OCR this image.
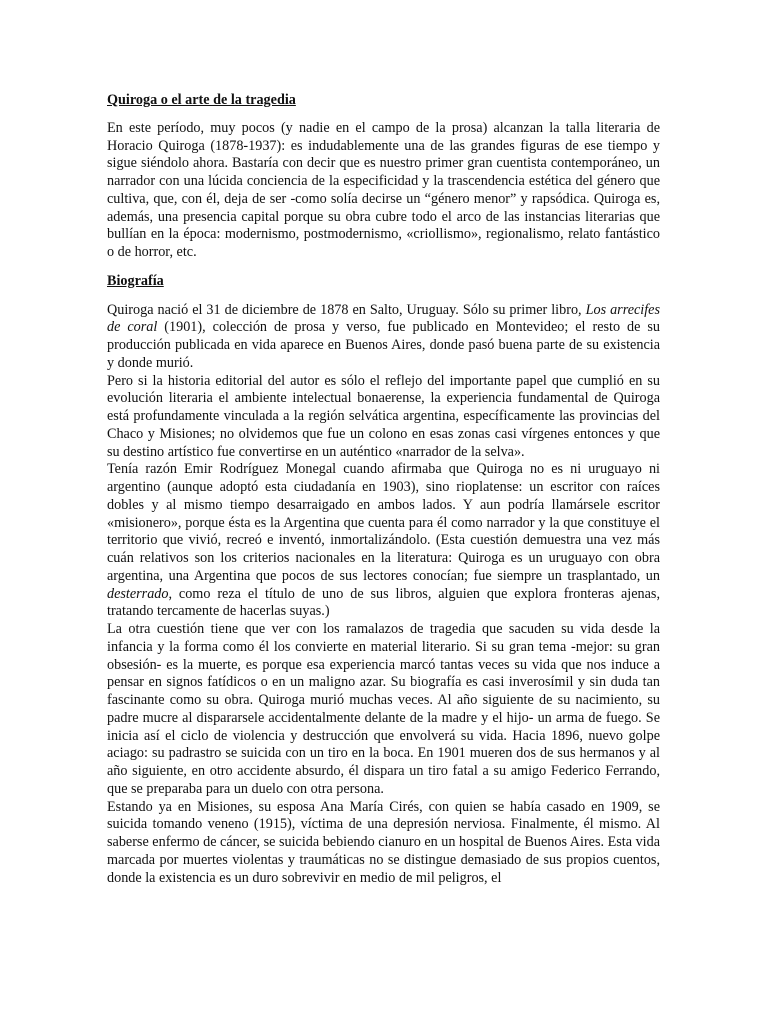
Quiroga o el arte de la tragedia

En este período, muy pocos (y nadie en el campo de la prosa) alcanzan la talla literaria de Horacio Quiroga (1878-1937): es indudablemente una de las grandes figuras de ese tiempo y sigue siéndolo ahora. Bastaría con decir que es nuestro primer gran cuentista contemporáneo, un narrador con una lúcida conciencia de la especificidad y la trascendencia estética del género que cultiva, que, con él, deja de ser -como solía decirse un “género menor” y rapsódica. Quiroga es, además, una presencia capital porque su obra cubre todo el arco de las instancias literarias que bullían en la época: modernismo, postmodernismo, «criollismo», regionalismo, relato fantástico o de horror, etc.

Biografía

Quiroga nació el 31 de diciembre de 1878 en Salto, Uruguay. Sólo su primer libro, Los arrecifes de coral (1901), colección de prosa y verso, fue publicado en Montevideo; el resto de su producción publicada en vida aparece en Buenos Aires, donde pasó buena parte de su existencia y donde murió.

Pero si la historia editorial del autor es sólo el reflejo del importante papel que cumplió en su evolución literaria el ambiente intelectual bonaerense, la experiencia fundamental de Quiroga está profundamente vinculada a la región selvática argentina, específicamente las provincias del Chaco y Misiones; no olvidemos que fue un colono en esas zonas casi vírgenes entonces y que su destino artístico fue convertirse en un auténtico «narrador de la selva».

Tenía razón Emir Rodríguez Monegal cuando afirmaba que Quiroga no es ni uruguayo ni argentino (aunque adoptó esta ciudadanía en 1903), sino rioplatense: un escritor con raíces dobles y al mismo tiempo desarraigado en ambos lados. Y aun podría llamársele escritor «misionero», porque ésta es la Argentina que cuenta para él como narrador y la que constituye el territorio que vivió, recreó e inventó, inmortalizándolo. (Esta cuestión demuestra una vez más cuán relativos son los criterios nacionales en la literatura: Quiroga es un uruguayo con obra argentina, una Argentina que pocos de sus lectores conocían; fue siempre un trasplantado, un desterrado, como reza el título de uno de sus libros, alguien que explora fronteras ajenas, tratando tercamente de hacerlas suyas.)

La otra cuestión tiene que ver con los ramalazos de tragedia que sacuden su vida desde la infancia y la forma como él los convierte en material literario. Si su gran tema -mejor: su gran obsesión- es la muerte, es porque esa experiencia marcó tantas veces su vida que nos induce a pensar en signos fatídicos o en un maligno azar. Su biografía es casi inverosímil y sin duda tan fascinante como su obra. Quiroga murió muchas veces. Al año siguiente de su nacimiento, su padre mucre al dispararsele accidentalmente delante de la madre y el hijo- un arma de fuego. Se inicia así el ciclo de violencia y destrucción que envolverá su vida. Hacia 1896, nuevo golpe aciago: su padrastro se suicida con un tiro en la boca. En 1901 mueren dos de sus hermanos y al año siguiente, en otro accidente absurdo, él dispara un tiro fatal a su amigo Federico Ferrando, que se preparaba para un duelo con otra persona.

Estando ya en Misiones, su esposa Ana María Cirés, con quien se había casado en 1909, se suicida tomando veneno (1915), víctima de una depresión nerviosa. Finalmente, él mismo. Al saberse enfermo de cáncer, se suicida bebiendo cianuro en un hospital de Buenos Aires. Esta vida marcada por muertes violentas y traumáticas no se distingue demasiado de sus propios cuentos, donde la existencia es un duro sobrevivir en medio de mil peligros, el
